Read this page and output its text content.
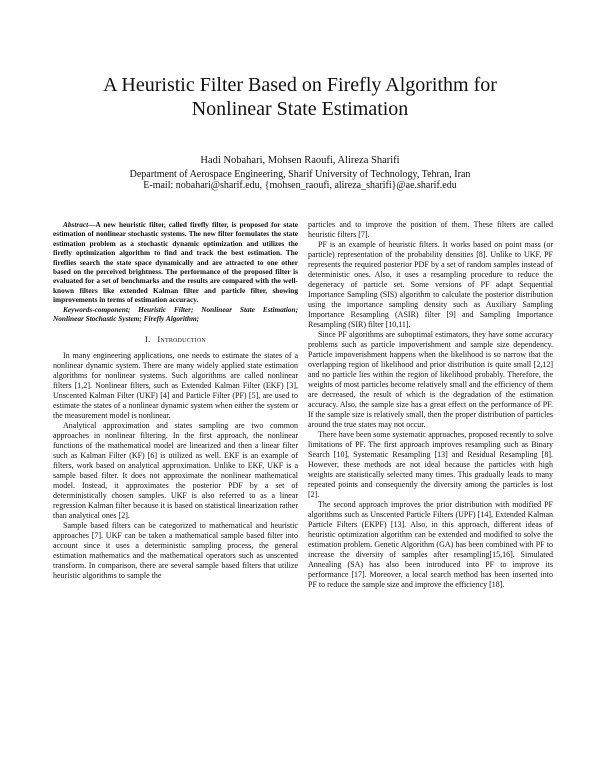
A Heuristic Filter Based on Firefly Algorithm for
Nonlinear State Estimation
Hadi Nobahari, Mohsen Raoufi, Alireza Sharifi
Department of Aerospace Engineering, Sharif University of Technology, Tehran, Iran
E-mail: nobahari@sharif.edu, {mohsen_raoufi, alireza_sharifi}@ae.sharif.edu

Abstract—A new heuristic filter, called firefly filter, is proposed for state estimation of nonlinear stochastic systems. The new filter formulates the state estimation problem as a stochastic dynamic optimization and utilizes the firefly optimization algorithm to find and track the best estimation. The fireflies search the state space dynamically and are attracted to one other based on the perceived brightness. The performance of the proposed filter is evaluated for a set of benchmarks and the results are compared with the well-known filters like extended Kalman filter and particle filter, showing improvements in terms of estimation accuracy.

Keywords-component; Heuristic Filter; Nonlinear State Estimation; Nonlinear Stochastic System; Firefly Algorithm;

I. Introduction

In many engineering applications, one needs to estimate the states of a nonlinear dynamic system. There are many widely applied state estimation algorithms for nonlinear systems. Such algorithms are called nonlinear filters [1,2]. Nonlinear filters, such as Extended Kalman Filter (EKF) [3], Unscented Kalman Filter (UKF) [4] and Particle Filter (PF) [5], are used to estimate the states of a nonlinear dynamic system when either the system or the measurement model is nonlinear.

Analytical approximation and states sampling are two common approaches in nonlinear filtering. In the first approach, the nonlinear functions of the mathematical model are linearized and then a linear filter such as Kalman Filter (KF) [6] is utilized as well. EKF is an example of filters, work based on analytical approximation. Unlike to EKF, UKF is a sample based filter. It does not approximate the nonlinear mathematical model. Instead, it approximates the posterior PDF by a set of deterministically chosen samples. UKF is also referred to as a linear regression Kalman filter because it is based on statistical linearization rather than analytical ones [2].

Sample based filters can be categorized to mathematical and heuristic approaches [7]. UKF can be taken a mathematical sample based filter into account since it uses a deterministic sampling process, the general estimation mathematics and the mathematical operators such as unscented transform. In comparison, there are several sample based filters that utilize heuristic algorithms to sample the

particles and to improve the position of them. These filters are called heuristic filters [7].

PF is an example of heuristic filters. It works based on point mass (or particle) representation of the probability densities [8]. Unlike to UKF, PF represents the required posterior PDF by a set of random samples instead of deterministic ones. Also, it uses a resampling procedure to reduce the degeneracy of particle set. Some versions of PF adapt Sequential Importance Sampling (SIS) algorithm to calculate the posterior distribution using the importance sampling density such as Auxiliary Sampling Importance Resampling (ASIR) filter [9] and Sampling Importance Resampling (SIR) filter [10,11].

Since PF algorithms are suboptimal estimators, they have some accuracy problems such as particle impoverishment and sample size dependency. Particle impoverishment happens when the likelihood is so narrow that the overlapping region of likelihood and prior distribution is quite small [2,12] and no particle lies within the region of likelihood probably. Therefore, the weights of most particles become relatively small and the efficiency of them are decreased, the result of which is the degradation of the estimation accuracy. Also, the sample size has a great effect on the performance of PF. If the sample size is relatively small, then the proper distribution of particles around the true states may not occur.

There have been some systematic approaches, proposed recently to solve limitations of PF. The first approach improves resampling such as Binary Search [10], Systematic Resampling [13] and Residual Resampling [8]. However, these methods are not ideal because the particles with high weights are statistically selected many times. This gradually leads to many repeated points and consequently the diversity among the particles is lost [2].

The second approach improves the prior distribution with modified PF algorithms such as Unscented Particle Filters (UPF) [14], Extended Kalman Particle Filters (EKPF) [13]. Also, in this approach, different ideas of heuristic optimization algorithm can be extended and modified to solve the estimation problem. Genetic Algorithm (GA) has been combined with PF to increase the diversity of samples after resampling[15,16]. Simulated Annealing (SA) has also been introduced into PF to improve its performance [17]. Moreover, a local search method has been inserted into PF to reduce the sample size and improve the efficiency [18].
